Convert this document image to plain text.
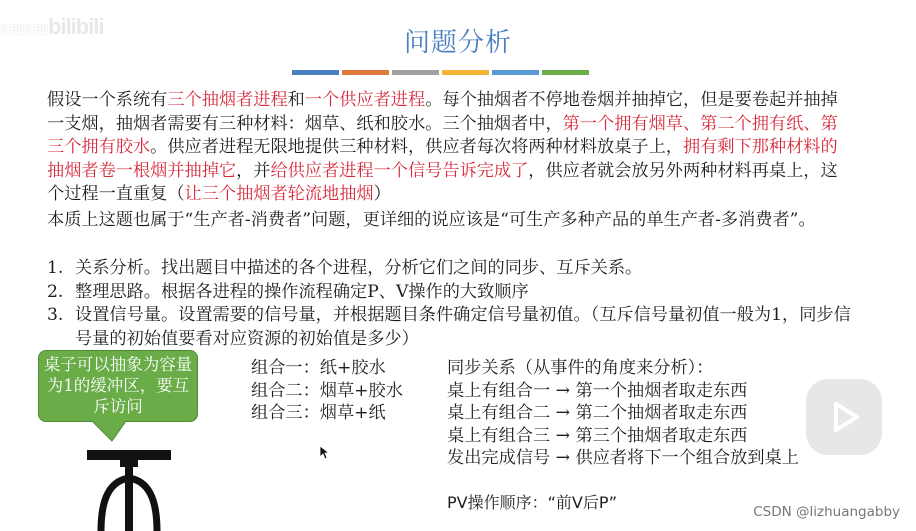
哈哩哈哩bilibili
问题分析
假设一个系统有三个抽烟者进程和一个供应者进程。每个抽烟者不停地卷烟并抽掉它，但是要卷起并抽掉一支烟，抽烟者需要有三种材料：烟草、纸和胶水。三个抽烟者中，第一个拥有烟草、第二个拥有纸、第三个拥有胶水。供应者进程无限地提供三种材料，供应者每次将两种材料放桌子上，拥有剩下那种材料的抽烟者卷一根烟并抽掉它，并给供应者进程一个信号告诉完成了，供应者就会放另外两种材料再桌上，这个过程一直重复（让三个抽烟者轮流地抽烟）
本质上这题也属于“生产者-消费者”问题，更详细的说应该是“可生产多种产品的单生产者-多消费者”。
1. 关系分析。找出题目中描述的各个进程，分析它们之间的同步、互斥关系。
2. 整理思路。根据各进程的操作流程确定P、V操作的大致顺序
3. 设置信号量。设置需要的信号量，并根据题目条件确定信号量初值。（互斥信号量初值一般为1，同步信号量的初始值要看对应资源的初始值是多少）
桌子可以抽象为容量为1的缓冲区，要互斥访问
组合一：纸+胶水
组合二：烟草+胶水
组合三：烟草+纸
同步关系（从事件的角度来分析）：
桌上有组合一 → 第一个抽烟者取走东西
桌上有组合二 → 第二个抽烟者取走东西
桌上有组合三 → 第三个抽烟者取走东西
发出完成信号 → 供应者将下一个组合放到桌上
PV操作顺序：“前V后P”	CSDN @lizhuangabby
